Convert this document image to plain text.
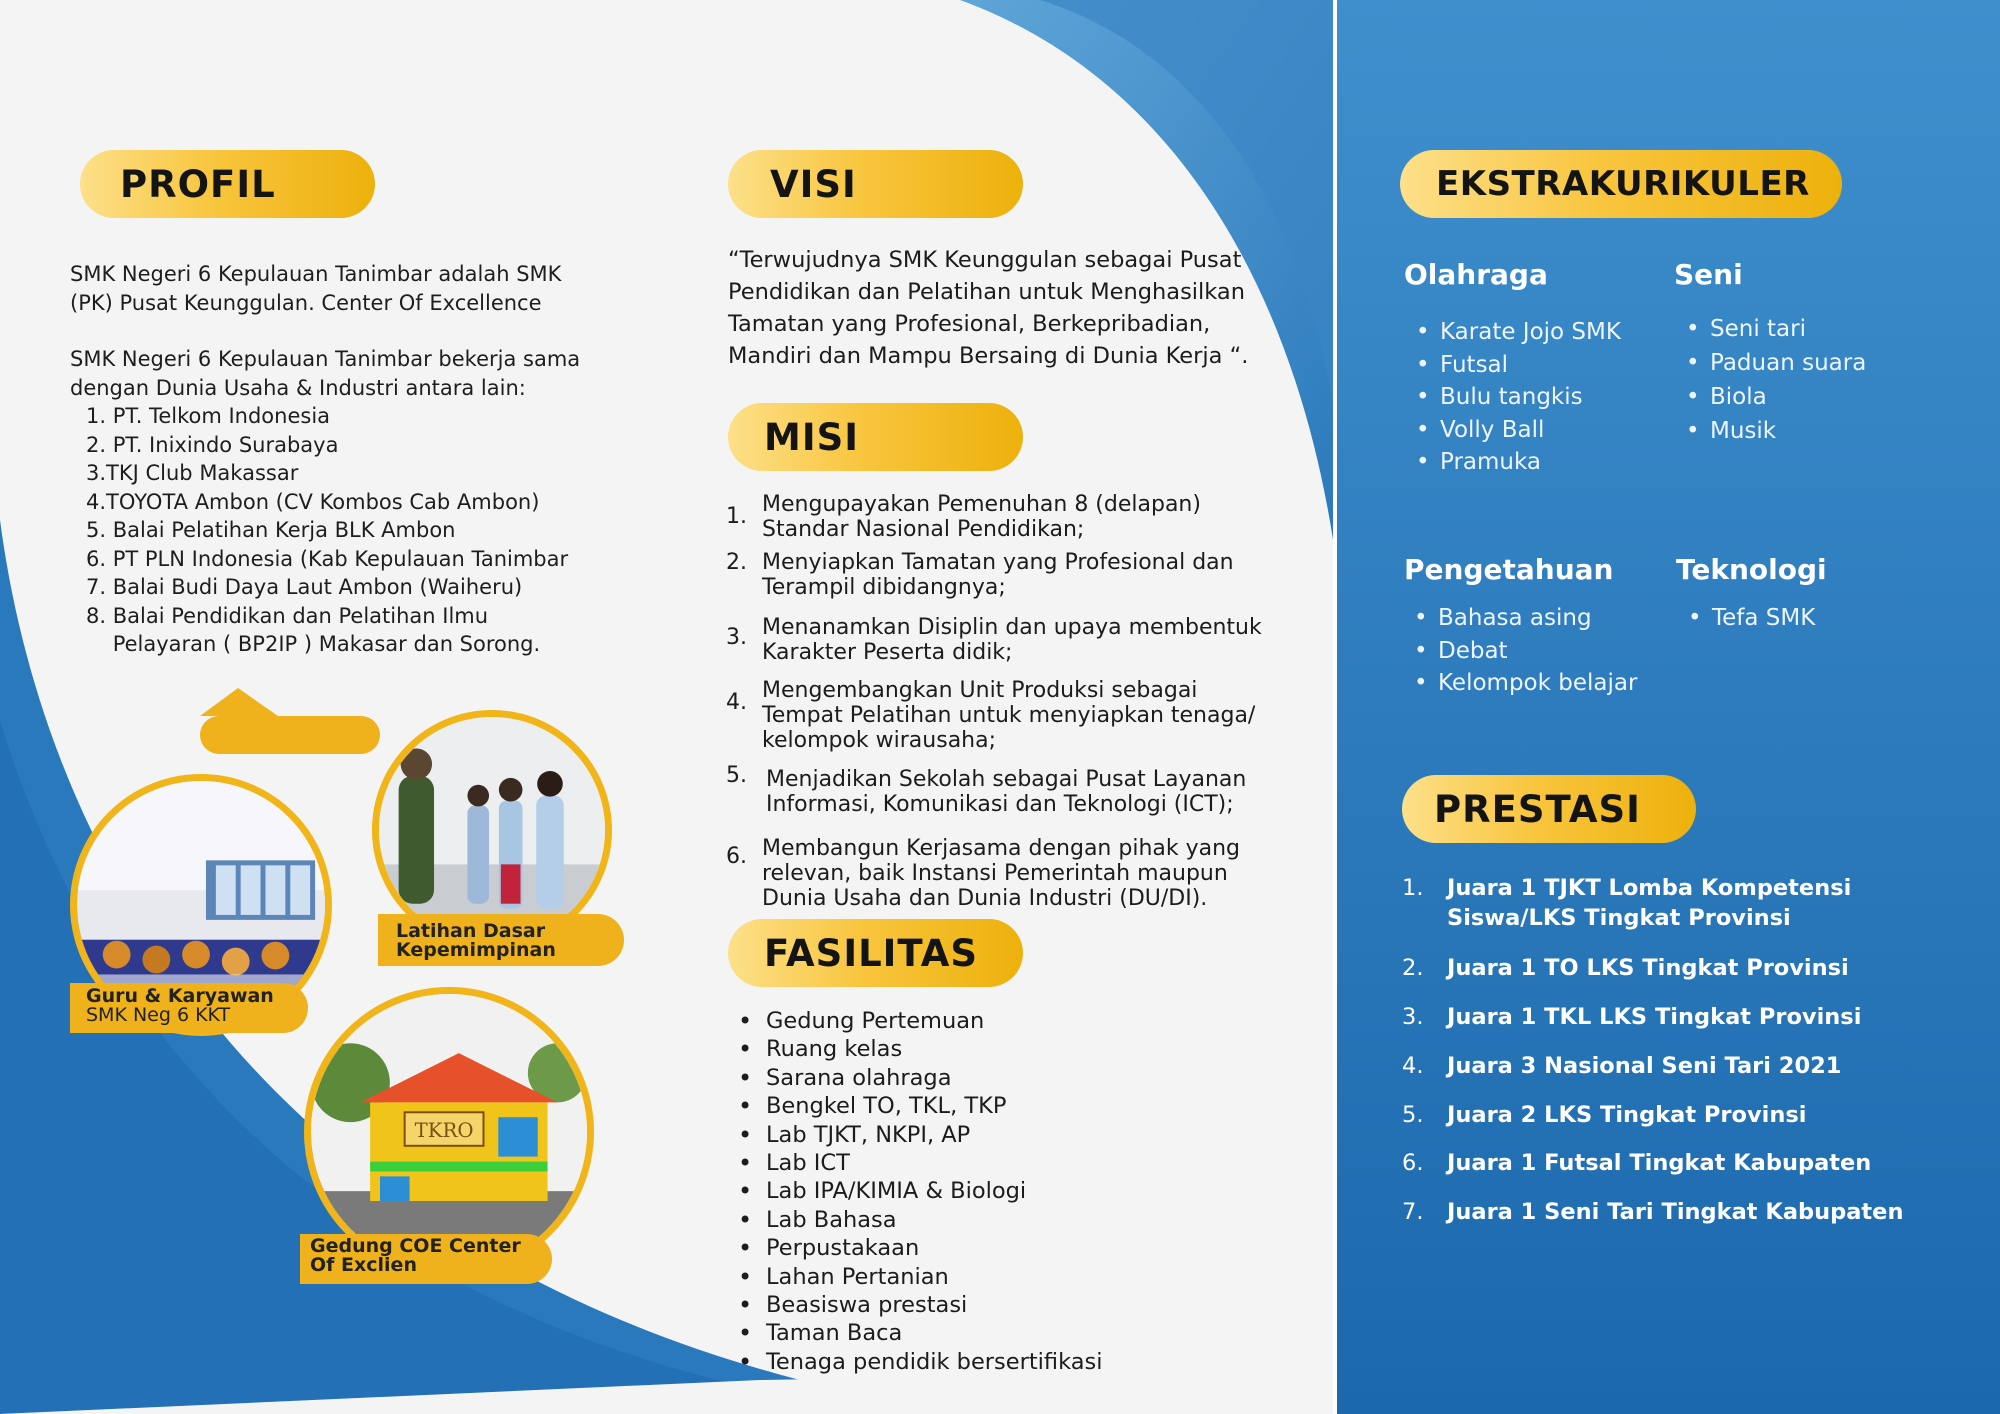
PROFIL
SMK Negeri 6 Kepulauan Tanimbar adalah SMK
(PK) Pusat Keunggulan. Center Of Excellence
SMK Negeri 6 Kepulauan Tanimbar bekerja sama
dengan Dunia Usaha & Industri antara lain:
1. PT. Telkom Indonesia
2. PT. Inixindo Surabaya
3.TKJ Club Makassar
4.TOYOTA Ambon (CV Kombos Cab Ambon)
5. Balai Pelatihan Kerja BLK Ambon
6. PT PLN Indonesia (Kab Kepulauan Tanimbar
7. Balai Budi Daya Laut Ambon (Waiheru)
8. Balai Pendidikan dan Pelatihan Ilmu
Pelayaran ( BP2IP ) Makasar dan Sorong.
Guru & Karyawan
SMK Neg 6 KKT
Latihan Dasar
Kepemimpinan
TKRO
Gedung COE Center
Of Exclien
VISI
“Terwujudnya SMK Keunggulan sebagai Pusat
Pendidikan dan Pelatihan untuk Menghasilkan
Tamatan yang Profesional, Berkepribadian,
Mandiri dan Mampu Bersaing di Dunia Kerja “.
MISI
1. Mengupayakan Pemenuhan 8 (delapan)
Standar Nasional Pendidikan;
2. Menyiapkan Tamatan yang Profesional dan
Terampil dibidangnya;
3. Menanamkan Disiplin dan upaya membentuk
Karakter Peserta didik;
4. Mengembangkan Unit Produksi sebagai
Tempat Pelatihan untuk menyiapkan tenaga/
kelompok wirausaha;
5. Menjadikan Sekolah sebagai Pusat Layanan
Informasi, Komunikasi dan Teknologi (ICT);
6. Membangun Kerjasama dengan pihak yang
relevan, baik Instansi Pemerintah maupun
Dunia Usaha dan Dunia Industri (DU/DI).
FASILITAS
• Gedung Pertemuan
• Ruang kelas
• Sarana olahraga
• Bengkel TO, TKL, TKP
• Lab TJKT, NKPI, AP
• Lab ICT
• Lab IPA/KIMIA & Biologi
• Lab Bahasa
• Perpustakaan
• Lahan Pertanian
• Beasiswa prestasi
• Taman Baca
• Tenaga pendidik bersertifikasi
EKSTRAKURIKULER
Olahraga
• Karate Jojo SMK
• Futsal
• Bulu tangkis
• Volly Ball
• Pramuka
Seni
• Seni tari
• Paduan suara
• Biola
• Musik
Pengetahuan
• Bahasa asing
• Debat
• Kelompok belajar
Teknologi
• Tefa SMK
PRESTASI
1. Juara 1 TJKT Lomba Kompetensi
Siswa/LKS Tingkat Provinsi
2. Juara 1 TO LKS Tingkat Provinsi
3. Juara 1 TKL LKS Tingkat Provinsi
4. Juara 3 Nasional Seni Tari 2021
5. Juara 2 LKS Tingkat Provinsi
6. Juara 1 Futsal Tingkat Kabupaten
7. Juara 1 Seni Tari Tingkat Kabupaten
